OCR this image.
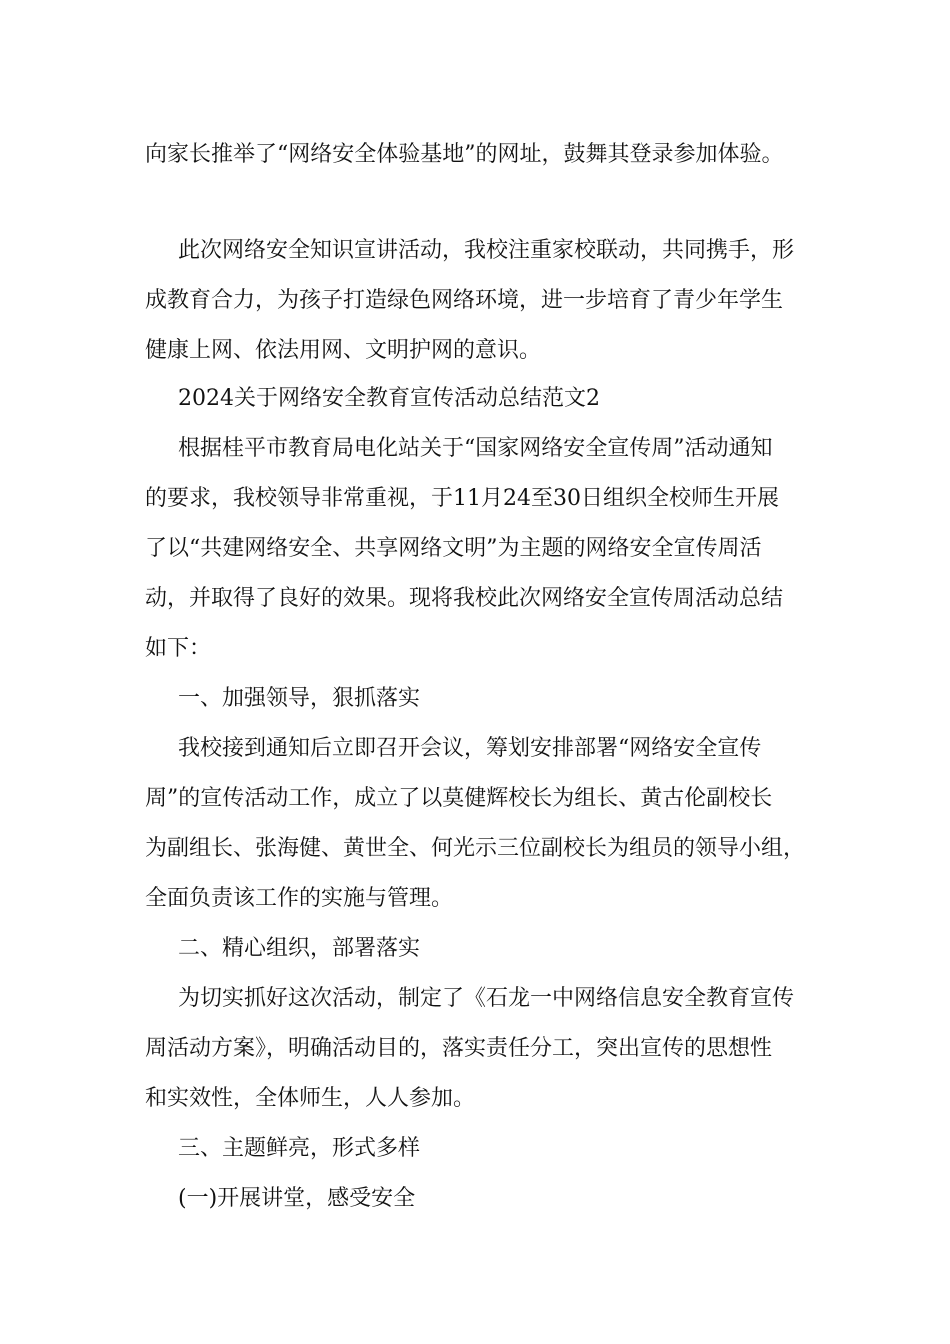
向家长推举了“网络安全体验基地”的网址，鼓舞其登录参加体验。
此次网络安全知识宣讲活动，我校注重家校联动，共同携手，形
成教育合力，为孩子打造绿色网络环境，进一步培育了青少年学生
健康上网、依法用网、文明护网的意识。
2024关于网络安全教育宣传活动总结范文2
根据桂平市教育局电化站关于“国家网络安全宣传周”活动通知
的要求，我校领导非常重视，于11月24至30日组织全校师生开展
了以“共建网络安全、共享网络文明”为主题的网络安全宣传周活
动，并取得了良好的效果。现将我校此次网络安全宣传周活动总结
如下：
一、加强领导，狠抓落实
我校接到通知后立即召开会议，筹划安排部署“网络安全宣传
周”的宣传活动工作，成立了以莫健辉校长为组长、黄古伦副校长
为副组长、张海健、黄世全、何光示三位副校长为组员的领导小组，
全面负责该工作的实施与管理。
二、精心组织，部署落实
为切实抓好这次活动，制定了《石龙一中网络信息安全教育宣传
周活动方案》，明确活动目的，落实责任分工，突出宣传的思想性
和实效性，全体师生，人人参加。
三、主题鲜亮，形式多样
(一)开展讲堂，感受安全
